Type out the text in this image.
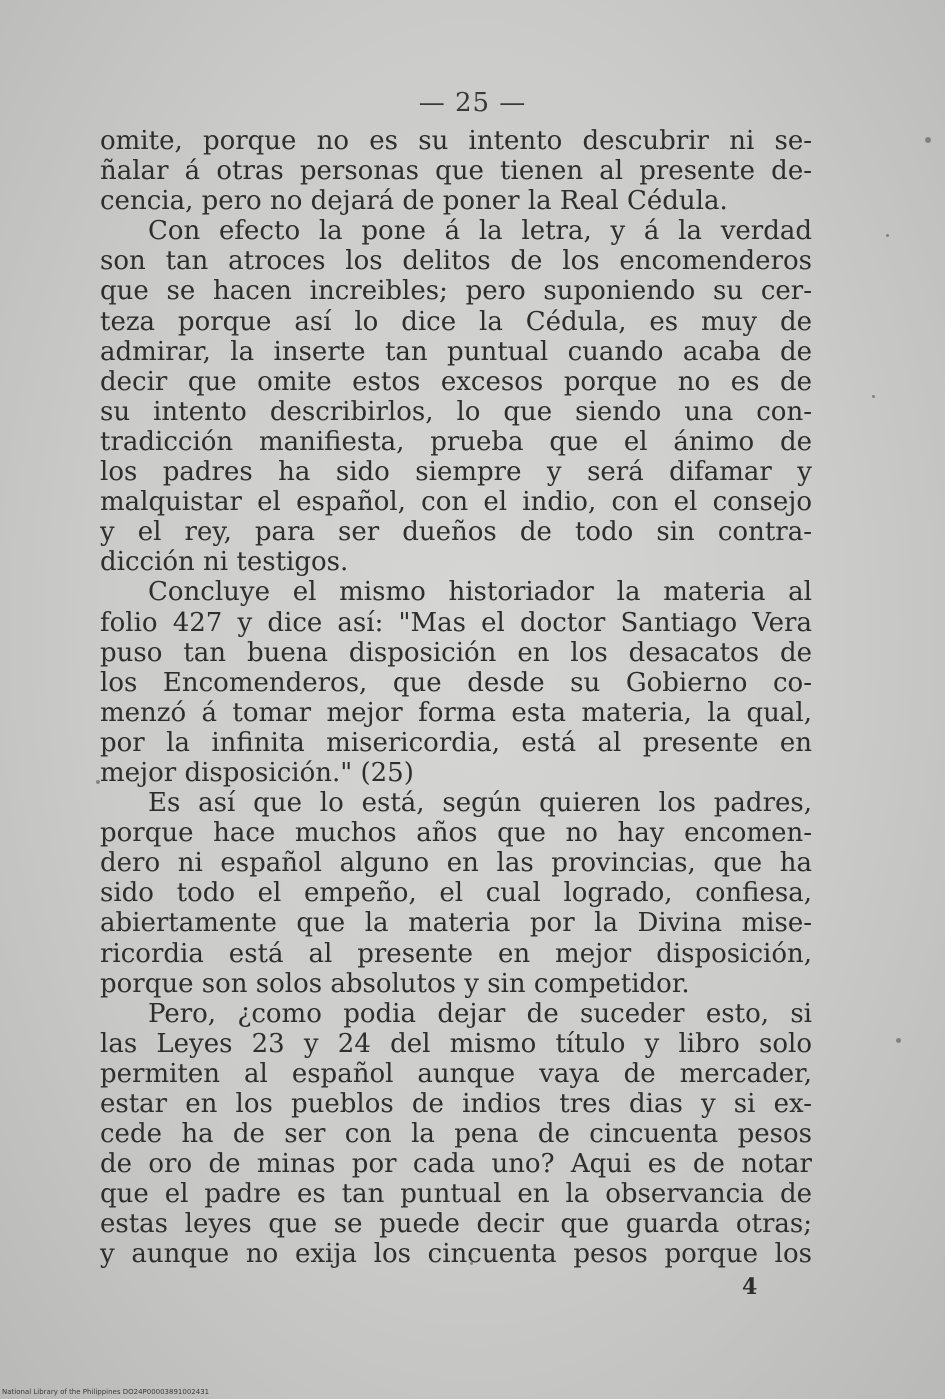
— 25 —
omite, porque no es su intento descubrir ni se-
ñalar á otras personas que tienen al presente de-
cencia, pero no dejará de poner la Real Cédula.
Con efecto la pone á la letra, y á la verdad
son tan atroces los delitos de los encomenderos
que se hacen increibles; pero suponiendo su cer-
teza porque así lo dice la Cédula, es muy de
admirar, la inserte tan puntual cuando acaba de
decir que omite estos excesos porque no es de
su intento describirlos, lo que siendo una con-
tradicción manifiesta, prueba que el ánimo de
los padres ha sido siempre y será difamar y
malquistar el español, con el indio, con el consejo
y el rey, para ser dueños de todo sin contra-
dicción ni testigos.
Concluye el mismo historiador la materia al
folio 427 y dice así: "Mas el doctor Santiago Vera
puso tan buena disposición en los desacatos de
los Encomenderos, que desde su Gobierno co-
menzó á tomar mejor forma esta materia, la qual,
por la infinita misericordia, está al presente en
mejor disposición." (25)
Es así que lo está, según quieren los padres,
porque hace muchos años que no hay encomen-
dero ni español alguno en las provincias, que ha
sido todo el empeño, el cual logrado, confiesa,
abiertamente que la materia por la Divina mise-
ricordia está al presente en mejor disposición,
porque son solos absolutos y sin competidor.
Pero, ¿como podia dejar de suceder esto, si
las Leyes 23 y 24 del mismo título y libro solo
permiten al español aunque vaya de mercader,
estar en los pueblos de indios tres dias y si ex-
cede ha de ser con la pena de cincuenta pesos
de oro de minas por cada uno? Aqui es de notar
que el padre es tan puntual en la observancia de
estas leyes que se puede decir que guarda otras;
y aunque no exija los cincuenta pesos porque los
4
National Library of the Philippines DO24P00003891002431
